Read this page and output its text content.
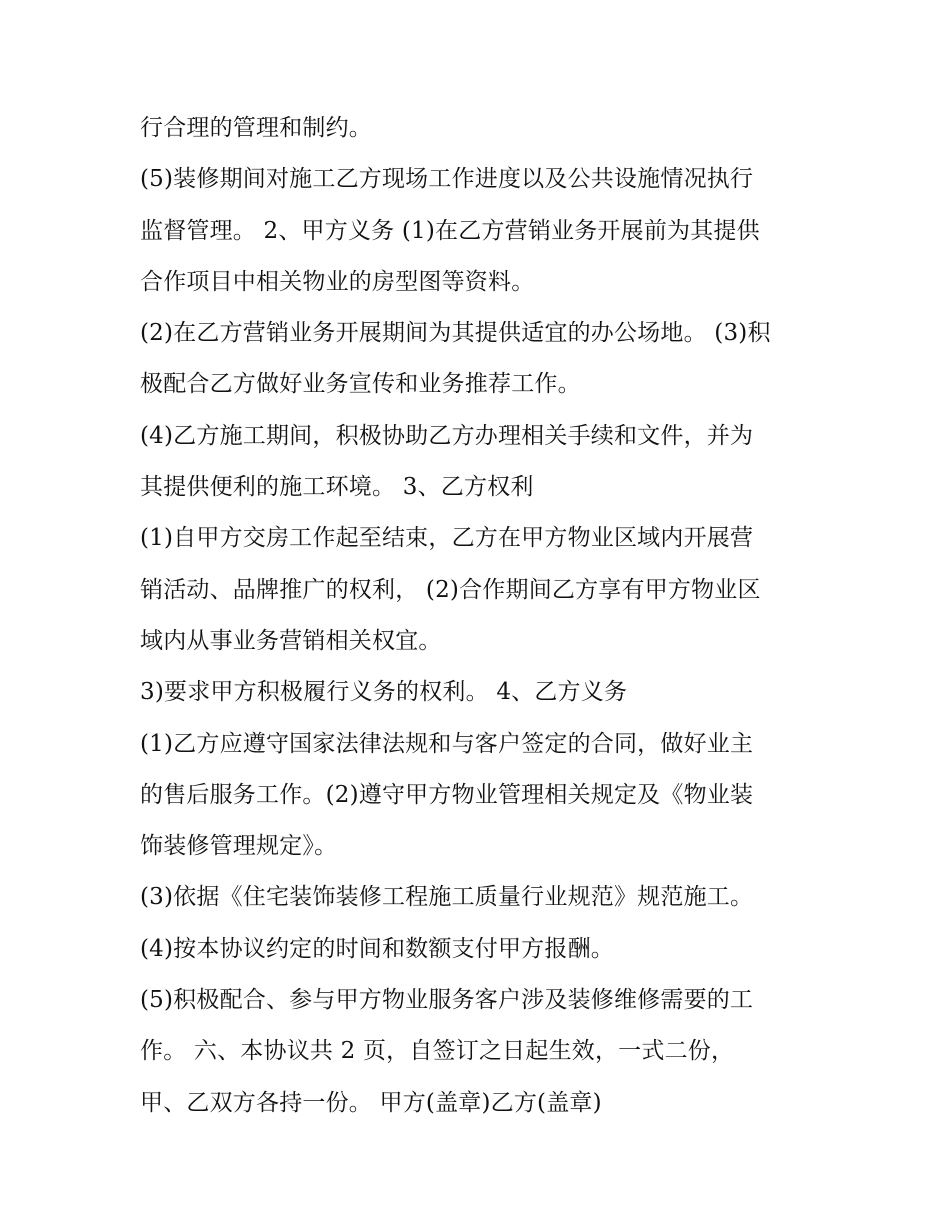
行合理的管理和制约。
(5)装修期间对施工乙方现场工作进度以及公共设施情况执行
监督管理。 2、甲方义务 (1)在乙方营销业务开展前为其提供
合作项目中相关物业的房型图等资料。
(2)在乙方营销业务开展期间为其提供适宜的办公场地。 (3)积
极配合乙方做好业务宣传和业务推荐工作。
(4)乙方施工期间，积极协助乙方办理相关手续和文件，并为
其提供便利的施工环境。 3、乙方权利
(1)自甲方交房工作起至结束，乙方在甲方物业区域内开展营
销活动、品牌推广的权利， (2)合作期间乙方享有甲方物业区
域内从事业务营销相关权宜。
3)要求甲方积极履行义务的权利。 4、乙方义务
(1)乙方应遵守国家法律法规和与客户签定的合同，做好业主
的售后服务工作。(2)遵守甲方物业管理相关规定及《物业装
饰装修管理规定》。
(3)依据《住宅装饰装修工程施工质量行业规范》规范施工。
(4)按本协议约定的时间和数额支付甲方报酬。
(5)积极配合、参与甲方物业服务客户涉及装修维修需要的工
作。 六、本协议共 2 页，自签订之日起生效，一式二份，
甲、乙双方各持一份。 甲方(盖章)乙方(盖章)
